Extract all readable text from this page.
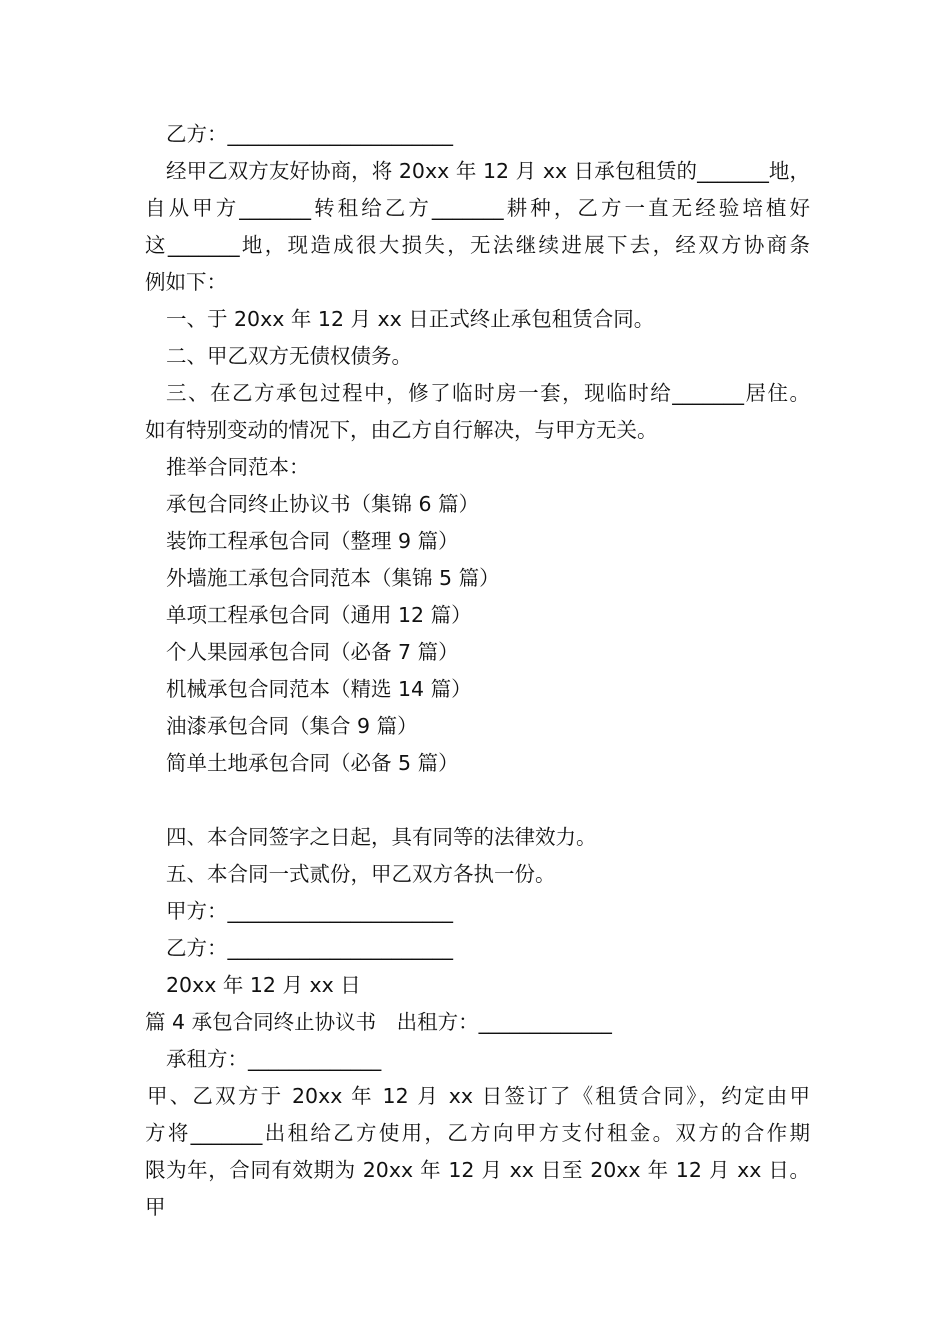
乙方：______________________
经甲乙双方友好协商，将 20xx 年 12 月 xx 日承包租赁的_______地，
自从甲方_______转租给乙方_______耕种，乙方一直无经验培植好
这_______地，现造成很大损失，无法继续进展下去，经双方协商条
例如下：
一、于 20xx 年 12 月 xx 日正式终止承包租赁合同。
二、甲乙双方无债权债务。
三、在乙方承包过程中，修了临时房一套，现临时给_______居住。
如有特别变动的情况下，由乙方自行解决，与甲方无关。
推举合同范本：
承包合同终止协议书（集锦 6 篇）
装饰工程承包合同（整理 9 篇）
外墙施工承包合同范本（集锦 5 篇）
单项工程承包合同（通用 12 篇）
个人果园承包合同（必备 7 篇）
机械承包合同范本（精选 14 篇）
油漆承包合同（集合 9 篇）
简单土地承包合同（必备 5 篇）
四、本合同签字之日起，具有同等的法律效力。
五、本合同一式贰份，甲乙双方各执一份。
甲方：______________________
乙方：______________________
20xx 年 12 月 xx 日
篇 4 承包合同终止协议书　出租方：_____________
承租方：_____________
甲、乙双方于 20xx 年 12 月 xx 日签订了《租赁合同》，约定由甲
方将_______出租给乙方使用，乙方向甲方支付租金。双方的合作期
限为年，合同有效期为 20xx 年 12 月 xx 日至 20xx 年 12 月 xx 日。甲
